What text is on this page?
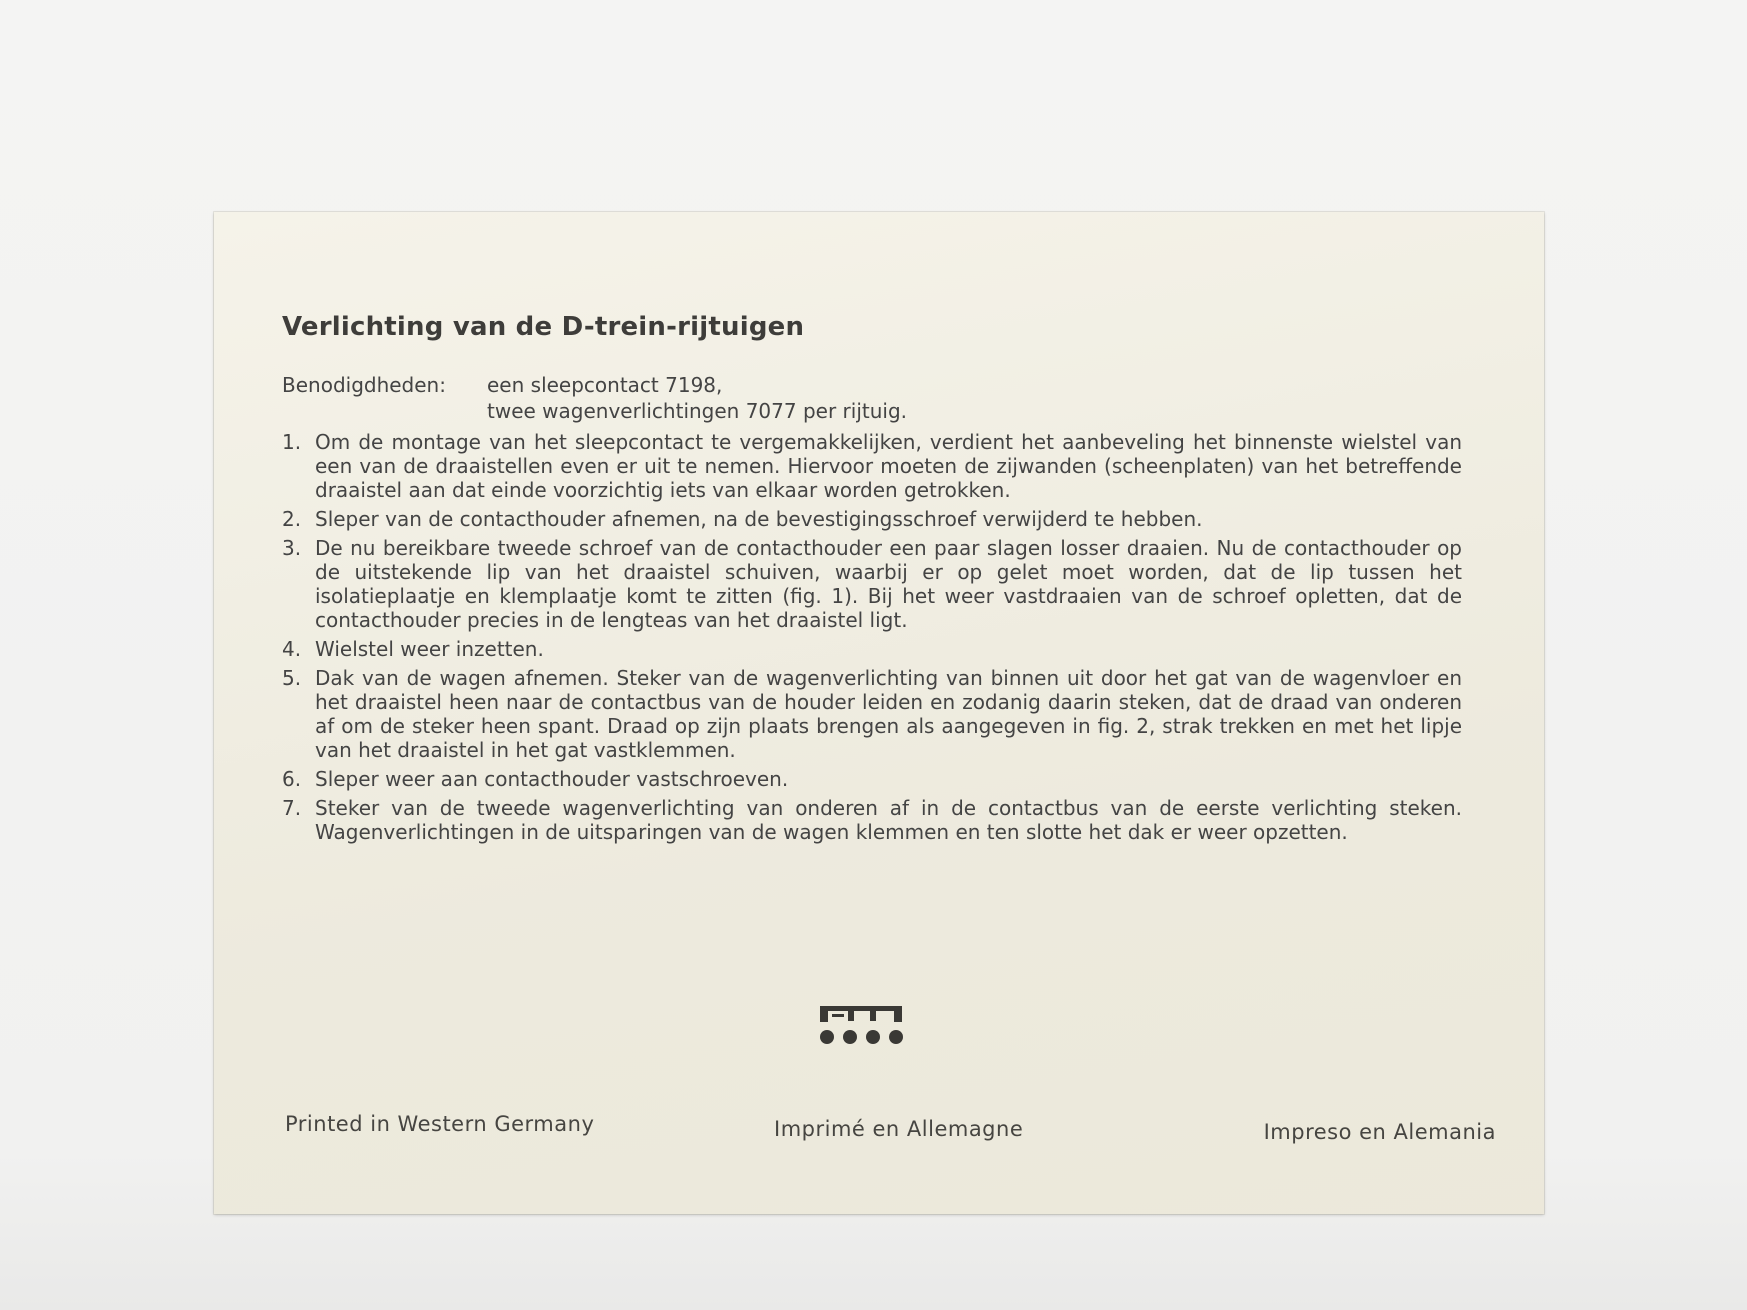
Verlichting van de D-trein-rijtuigen
Benodigdheden: een sleepcontact 7198,
twee wagenverlichtingen 7077 per rijtuig.
1. Om de montage van het sleepcontact te vergemakkelijken, verdient het aanbeveling het binnenste wielstel van een van de draaistellen even er uit te nemen. Hiervoor moeten de zijwanden (scheenplaten) van het betreffende draaistel aan dat einde voorzichtig iets van elkaar worden getrokken.
2. Sleper van de contacthouder afnemen, na de bevestigingsschroef verwijderd te hebben.
3. De nu bereikbare tweede schroef van de contacthouder een paar slagen losser draaien. Nu de contacthouder op de uitstekende lip van het draaistel schuiven, waarbij er op gelet moet worden, dat de lip tussen het isolatieplaatje en klemplaatje komt te zitten (fig. 1). Bij het weer vastdraaien van de schroef opletten, dat de contacthouder precies in de lengteas van het draaistel ligt.
4. Wielstel weer inzetten.
5. Dak van de wagen afnemen. Steker van de wagenverlichting van binnen uit door het gat van de wagenvloer en het draaistel heen naar de contactbus van de houder leiden en zodanig daarin steken, dat de draad van onderen af om de steker heen spant. Draad op zijn plaats brengen als aangegeven in fig. 2, strak trekken en met het lipje van het draaistel in het gat vastklemmen.
6. Sleper weer aan contacthouder vastschroeven.
7. Steker van de tweede wagenverlichting van onderen af in de contactbus van de eerste verlichting steken. Wagenverlichtingen in de uitsparingen van de wagen klemmen en ten slotte het dak er weer opzetten.
Printed in Western Germany	Imprimé en Allemagne	Impreso en Alemania
